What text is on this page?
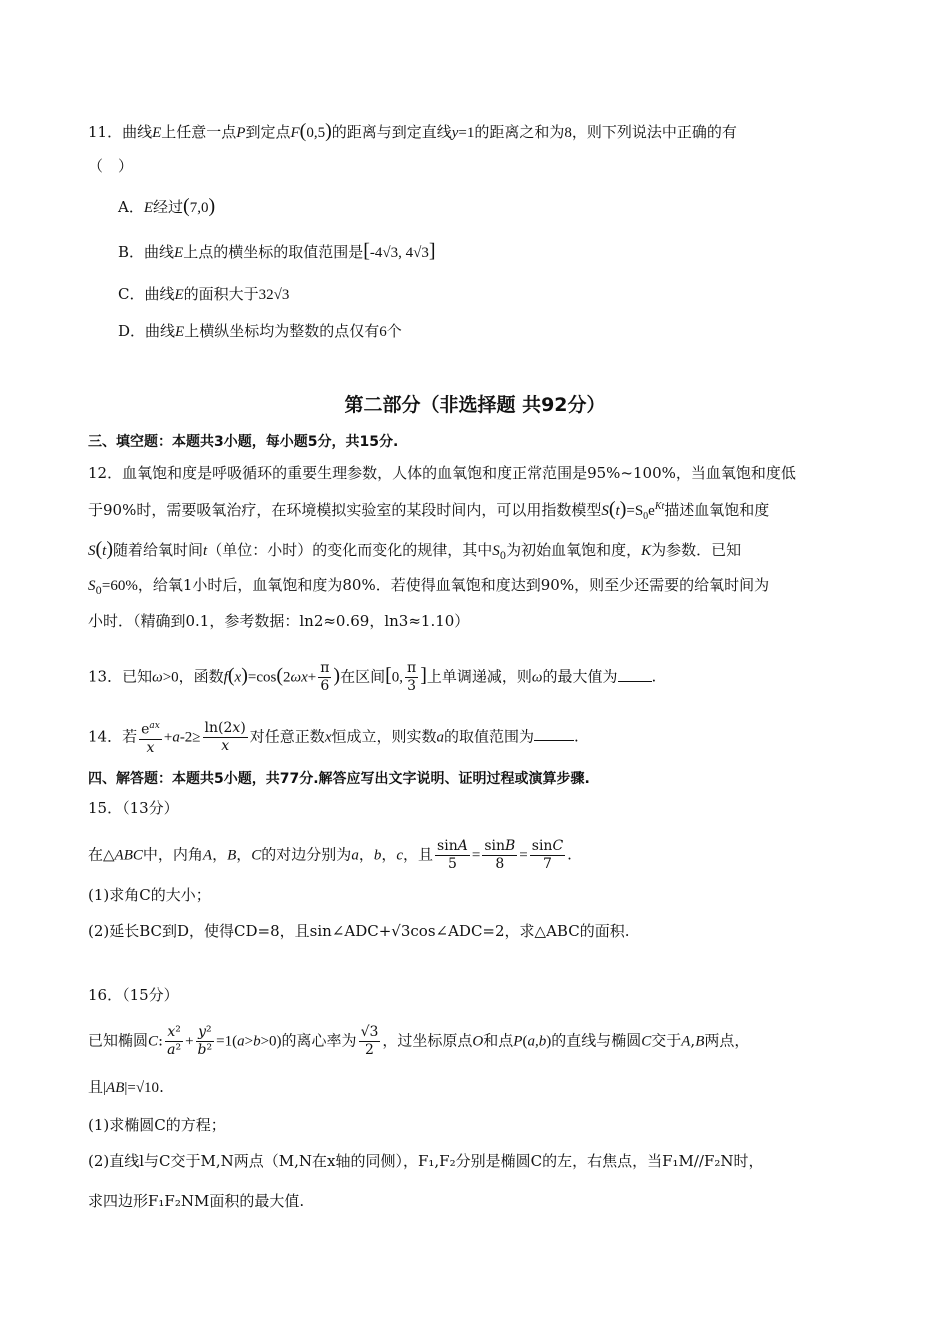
11．曲线E上任意一点P到定点F(0,5)的距离与到定直线y=1的距离之和为8，则下列说法中正确的有
（　）
A．E经过(7,0)
B．曲线E上点的横坐标的取值范围是[-4√3, 4√3]
C．曲线E的面积大于32√3
D．曲线E上横纵坐标均为整数的点仅有6个
第二部分（非选择题 共92分）
三、填空题：本题共3小题，每小题5分，共15分.
12．血氧饱和度是呼吸循环的重要生理参数，人体的血氧饱和度正常范围是95%~100%，当血氧饱和度低
于90%时，需要吸氧治疗，在环境模拟实验室的某段时间内，可以用指数模型$S(t)=S_0e^{Kt}$描述血氧饱和度
S(t)随着给氧时间t（单位：小时）的变化而变化的规律，其中$S_0$为初始血氧饱和度，K为参数．已知
$S_0=60\%$，给氧1小时后，血氧饱和度为80%．若使得血氧饱和度达到90%，则至少还需要的给氧时间为
小时．（精确到0.1，参考数据：ln2≈0.69，ln3≈1.10）
13．已知ω>0，函数$f(x)=\cos(2\omega x+ \frac{\pi}{6}$ )在区间[0, $\frac{\pi}{3}$ ]上单调递减，则ω的最大值为 .
14．若 $\frac{e^{ax}}{x} +a-2\ge \frac{\ln(2x)}{x}$ 对任意正数x恒成立，则实数a的取值范围为	.
四、解答题：本题共5小题，共77分.解答应写出文字说明、证明过程或演算步骤.
15．（13分）
在△ABC中，内角A，B，C的对边分别为a，b，c，且 $\frac{\sin A}{5} = \frac{\sin B}{8} = \frac{\sin C}{7}$ .
(1)求角C的大小；
(2)延长BC到D，使得CD=8，且sin∠ADC+√3cos∠ADC=2，求△ABC的面积.
16．（15分）
已知椭圆C: $\frac{\text{x²}}{\text{a²}} + \frac{\text{y²}}{\text{b²}} =1(a>b>0)$的离心率为 $\frac{√3}{2}$ ，过坐标原点O和点P(a,b)的直线与椭圆C交于A,B两点，
且|AB|=√10.
(1)求椭圆C的方程；
(2)直线l与C交于M,N两点（M,N在x轴的同侧），F₁,F₂分别是椭圆C的左，右焦点，当F₁M//F₂N时，
求四边形F₁F₂NM面积的最大值.
